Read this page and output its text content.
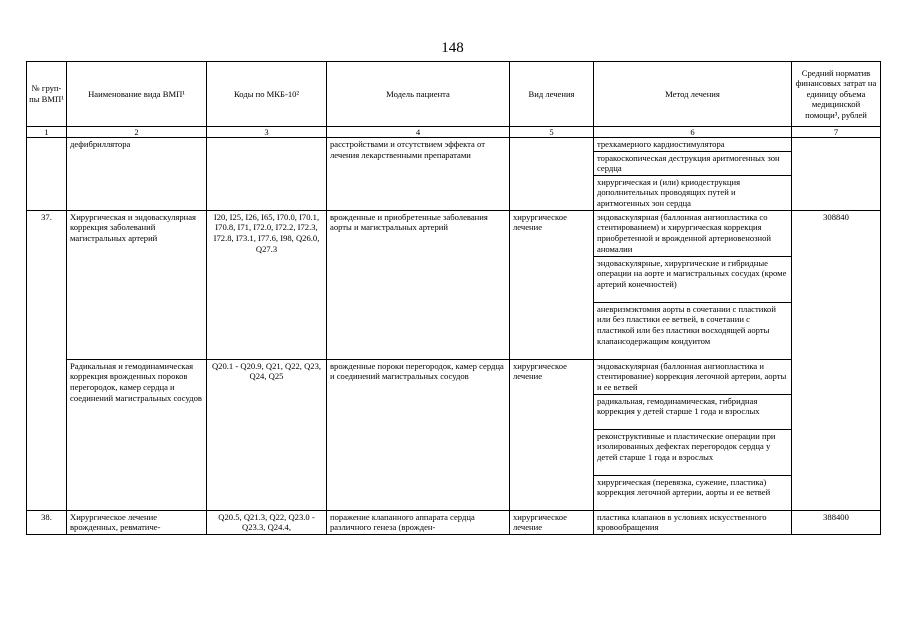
148
№ груп-пы ВМП¹	Наименование вида ВМП¹	Коды по МКБ-10²	Модель пациента	Вид лечения	Метод лечения	Средний норматив финансовых затрат на единицу объема медицинской помощи³, рублей
1	2	3	4	5	6	7
	дефибриллятора		расстройствами и отсутствием эффекта от лечения лекарственными препаратами		трехкамерного кардиостимулятора	
					торакоскопическая деструкция аритмогенных зон сердца	
					хирургическая и (или) криодеструкция дополнительных проводящих путей и аритмогенных зон сердца	
37.	Хирургическая и эндоваскулярная коррекция заболеваний магистральных артерий	I20, I25, I26, I65, I70.0, I70.1, I70.8, I71, I72.0, I72.2, I72.3, I72.8, I73.1, I77.6, I98, Q26.0, Q27.3	врожденные и приобретенные заболевания аорты и магистральных артерий	хирургическое лечение	эндоваскулярная (баллонная ангиопластика со стентированием) и хирургическая коррекция приобретенной и врожденной артериовенозной аномалии	308840
					эндоваскулярные, хирургические и гибридные операции на аорте и магистральных сосудах (кроме артерий конечностей)	
					аневризмэктомия аорты в сочетании с пластикой или без пластики ее ветвей, в сочетании с пластикой или без пластики восходящей аорты клапансодержащим кондуитом	
	Радикальная и гемодинамическая коррекция врожденных пороков перегородок, камер сердца и соединений магистральных сосудов	Q20.1 - Q20.9, Q21, Q22, Q23, Q24, Q25	врожденные пороки перегородок, камер сердца и соединений магистральных сосудов	хирургическое лечение	эндоваскулярная (баллонная ангиопластика и стентирование) коррекция легочной артерии, аорты и ее ветвей	
					радикальная, гемодинамическая, гибридная коррекция у детей старше 1 года и взрослых	
					реконструктивные и пластические операции при изолированных дефектах перегородок сердца у детей старше 1 года и взрослых	
					хирургическая (перевязка, сужение, пластика) коррекция легочной артерии, аорты и ее ветвей	
38.	Хирургическое лечение врожденных, ревматиче-	Q20.5, Q21.3, Q22, Q23.0 - Q23.3, Q24.4,	поражение клапанного аппарата сердца различного генеза (врожден-	хирургическое лечение	пластика клапанов в условиях искусственного кровообращения	388400
